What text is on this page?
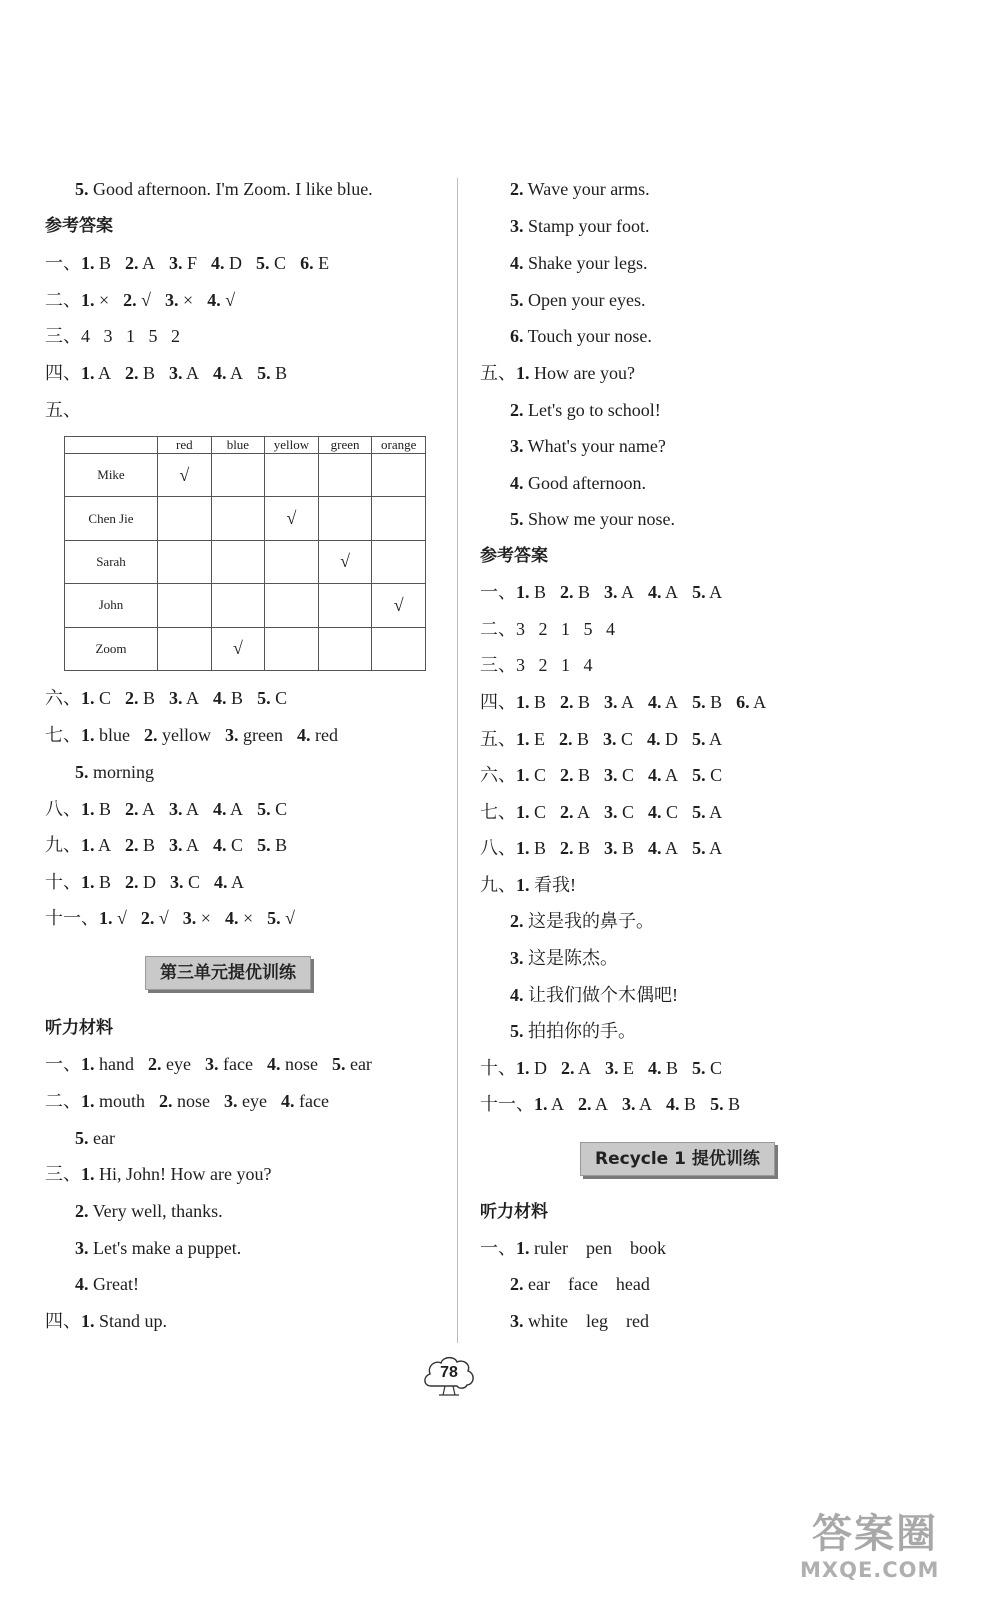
5. Good afternoon. I'm Zoom. I like blue.
参考答案
一、1. B 2. A 3. F 4. D 5. C 6. E
二、1. × 2. √ 3. × 4. √
三、4   3   1   5   2
四、1. A 2. B 3. A 4. A 5. B
五、
	red	blue	yellow	green	orange
Mike	√				
Chen Jie			√		
Sarah				√	
John					√
Zoom		√			
六、1. C 2. B 3. A 4. B 5. C
七、1. blue 2. yellow 3. green 4. red
5. morning
八、1. B 2. A 3. A 4. A 5. C
九、1. A 2. B 3. A 4. C 5. B
十、1. B 2. D 3. C 4. A
十一、1. √ 2. √ 3. × 4. × 5. √
第三单元提优训练
听力材料
一、1. hand 2. eye 3. face 4. nose 5. ear
二、1. mouth 2. nose 3. eye 4. face
5. ear
三、1. Hi, John! How are you?
2. Very well, thanks.
3. Let's make a puppet.
4. Great!
四、1. Stand up.
2. Wave your arms.
3. Stamp your foot.
4. Shake your legs.
5. Open your eyes.
6. Touch your nose.
五、1. How are you?
2. Let's go to school!
3. What's your name?
4. Good afternoon.
5. Show me your nose.
参考答案
一、1. B 2. B 3. A 4. A 5. A
二、3   2   1   5   4
三、3   2   1   4
四、1. B 2. B 3. A 4. A 5. B 6. A
五、1. E 2. B 3. C 4. D 5. A
六、1. C 2. B 3. C 4. A 5. C
七、1. C 2. A 3. C 4. C 5. A
八、1. B 2. B 3. B 4. A 5. A
九、1. 看我!
2. 这是我的鼻子。
3. 这是陈杰。
4. 让我们做个木偶吧!
5. 拍拍你的手。
十、1. D 2. A 3. E 4. B 5. C
十一、1. A 2. A 3. A 4. B 5. B
Recycle 1 提优训练
听力材料
一、1. ruler    pen    book
2. ear    face    head
3. white    leg    red
78
答案圈
MXQE.COM
